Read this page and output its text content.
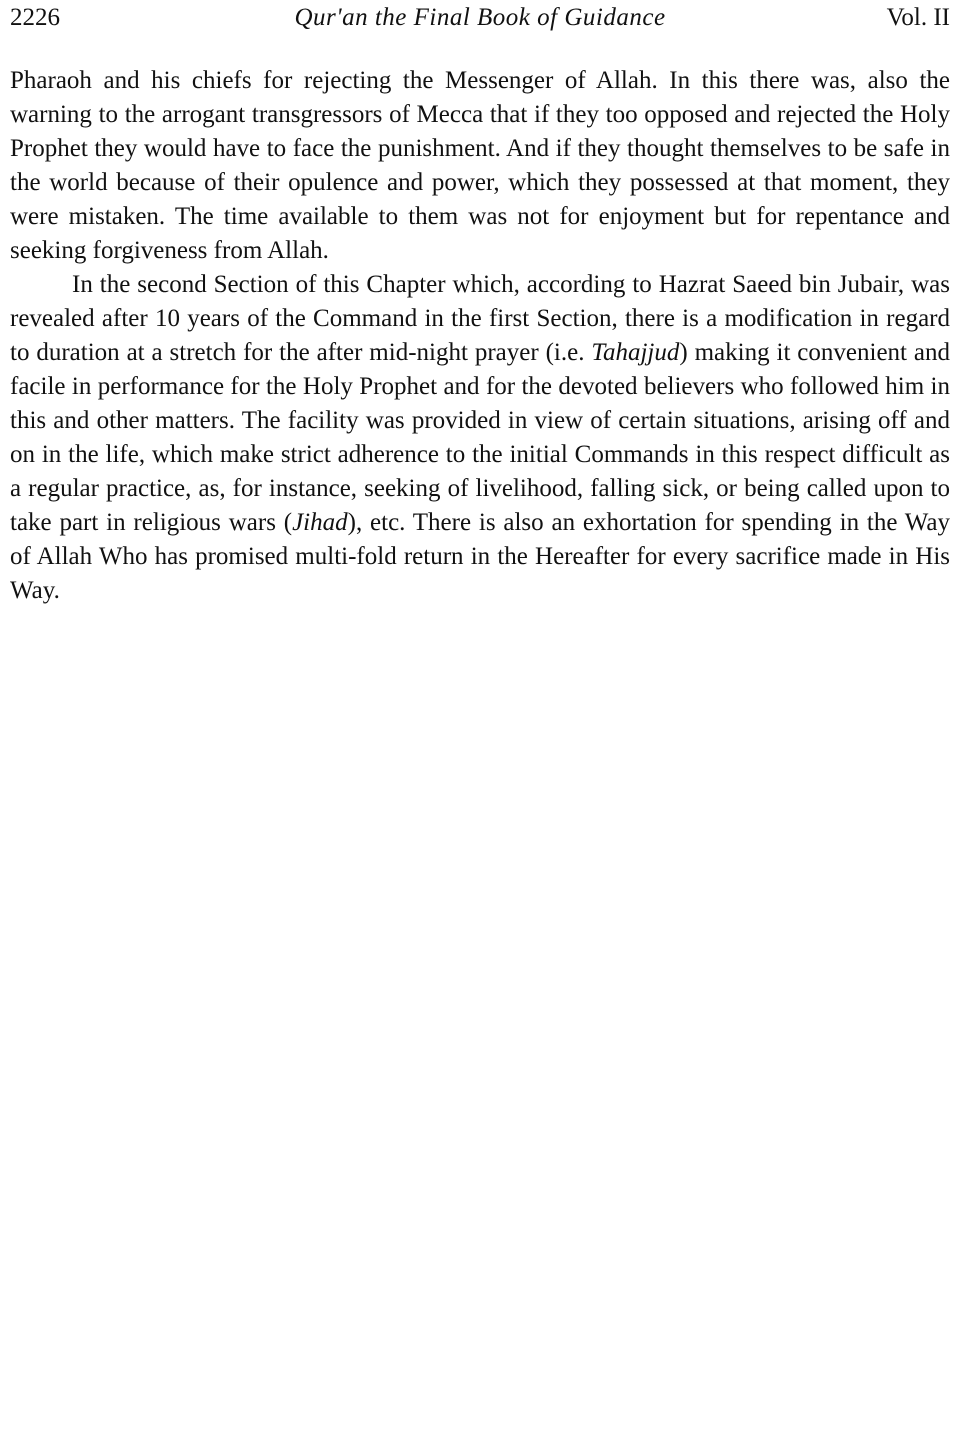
2226	Qur'an the Final Book of Guidance	Vol. II

Pharaoh and his chiefs for rejecting the Messenger of Allah. In this there was, also the warning to the arrogant transgressors of Mecca that if they too opposed and rejected the Holy Prophet they would have to face the punishment. And if they thought themselves to be safe in the world because of their opulence and power, which they possessed at that moment, they were mistaken. The time available to them was not for enjoyment but for repentance and seeking forgiveness from Allah.

In the second Section of this Chapter which, according to Hazrat Saeed bin Jubair, was revealed after 10 years of the Command in the first Section, there is a modification in regard to duration at a stretch for the after mid-night prayer (i.e. Tahajjud) making it convenient and facile in performance for the Holy Prophet and for the devoted believers who followed him in this and other matters. The facility was provided in view of certain situations, arising off and on in the life, which make strict adherence to the initial Commands in this respect difficult as a regular practice, as, for instance, seeking of livelihood, falling sick, or being called upon to take part in religious wars (Jihad), etc. There is also an exhortation for spending in the Way of Allah Who has promised multi-fold return in the Hereafter for every sacrifice made in His Way.
